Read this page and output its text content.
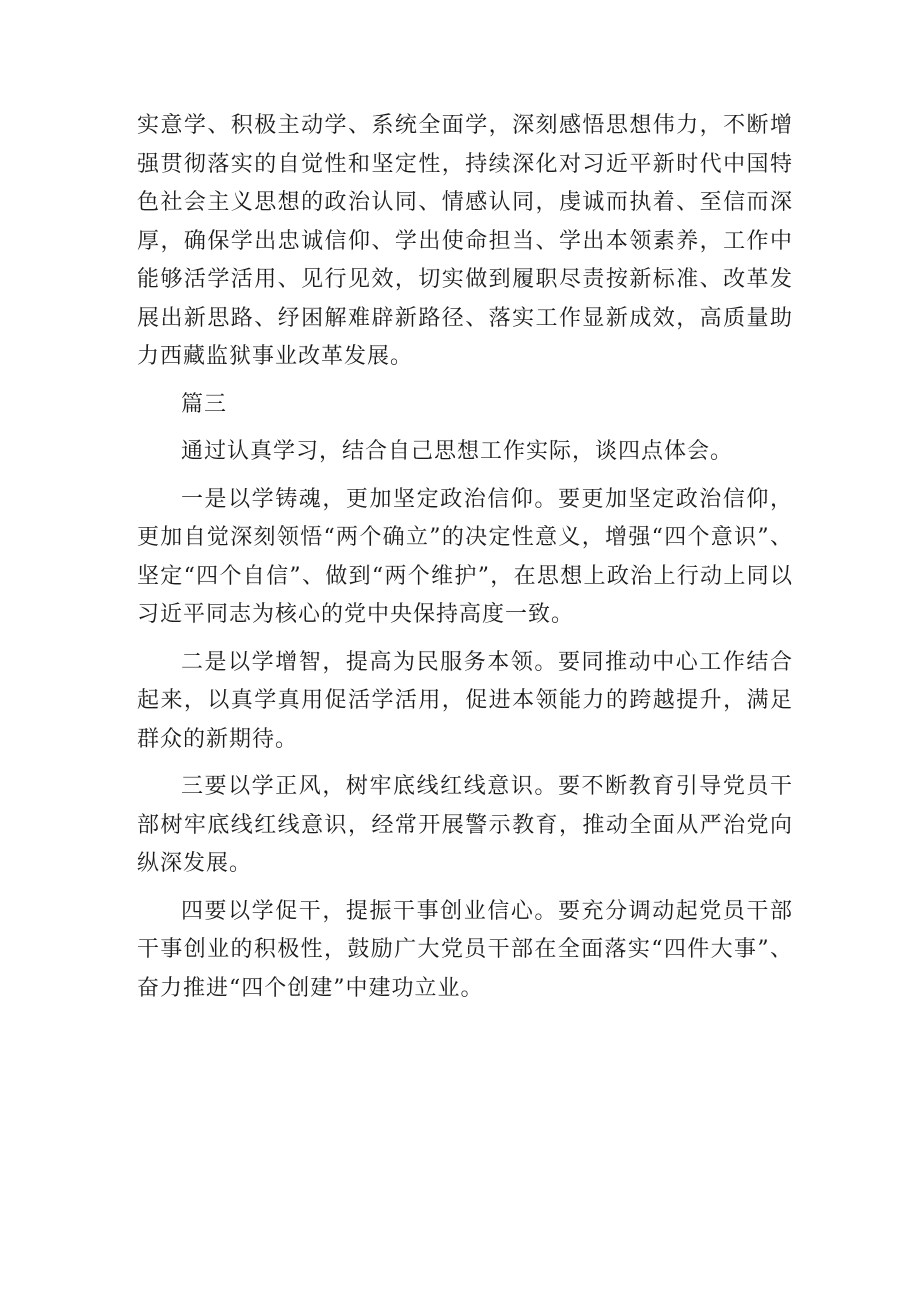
实意学、积极主动学、系统全面学，深刻感悟思想伟力，不断增强贯彻落实的自觉性和坚定性，持续深化对习近平新时代中国特色社会主义思想的政治认同、情感认同，虔诚而执着、至信而深厚，确保学出忠诚信仰、学出使命担当、学出本领素养，工作中能够活学活用、见行见效，切实做到履职尽责按新标准、改革发展出新思路、纾困解难辟新路径、落实工作显新成效，高质量助力西藏监狱事业改革发展。

篇三

通过认真学习，结合自己思想工作实际，谈四点体会。

一是以学铸魂，更加坚定政治信仰。要更加坚定政治信仰，更加自觉深刻领悟“两个确立”的决定性意义，增强“四个意识”、坚定“四个自信”、做到“两个维护”，在思想上政治上行动上同以习近平同志为核心的党中央保持高度一致。

二是以学增智，提高为民服务本领。要同推动中心工作结合起来，以真学真用促活学活用，促进本领能力的跨越提升，满足群众的新期待。

三要以学正风，树牢底线红线意识。要不断教育引导党员干部树牢底线红线意识，经常开展警示教育，推动全面从严治党向纵深发展。

四要以学促干，提振干事创业信心。要充分调动起党员干部干事创业的积极性，鼓励广大党员干部在全面落实“四件大事”、奋力推进“四个创建”中建功立业。
